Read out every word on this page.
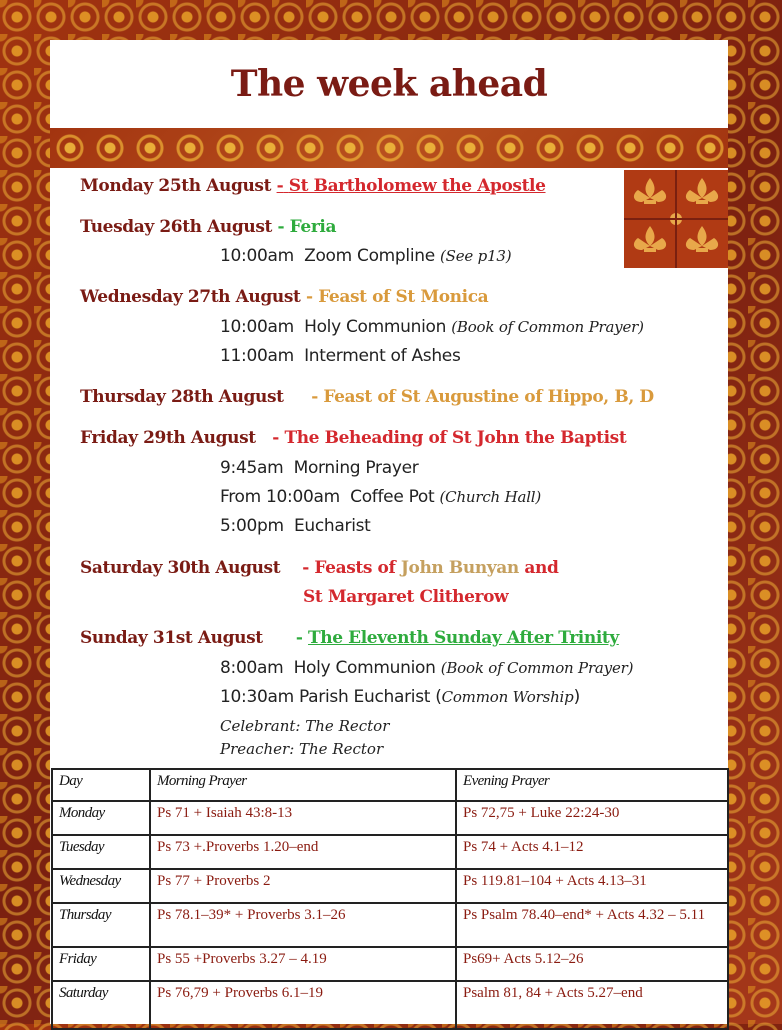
The week ahead
Monday 25th August - St Bartholomew the Apostle
Tuesday 26th August - Feria
10:00am Zoom Compline (See p13)
Wednesday 27th August - Feast of St Monica
10:00am Holy Communion (Book of Common Prayer)
11:00am Interment of Ashes
Thursday 28th August     - Feast of St Augustine of Hippo, B, D
Friday 29th August   - The Beheading of St John the Baptist
9:45am Morning Prayer
From 10:00am Coffee Pot (Church Hall)
5:00pm Eucharist
Saturday 30th August - Feasts of John Bunyan and
St Margaret Clitherow
Sunday 31st August - The Eleventh Sunday After Trinity
8:00am Holy Communion (Book of Common Prayer)
10:30am Parish Eucharist (Common Worship)
Celebrant: The Rector
Preacher: The Rector
Day	Morning Prayer	Evening Prayer
Monday	Ps 71 + Isaiah 43:8-13	Ps 72,75 + Luke 22:24-30
Tuesday	Ps 73 +.Proverbs 1.20–end	Ps 74 + Acts 4.1–12
Wednesday	Ps 77 + Proverbs 2	Ps 119.81–104 + Acts 4.13–31
Thursday	Ps 78.1–39* + Proverbs 3.1–26	Ps Psalm 78.40–end* + Acts 4.32 – 5.11
Friday	Ps 55 +Proverbs 3.27 – 4.19	Ps69+ Acts 5.12–26
Saturday	Ps 76,79 + Proverbs 6.1–19	Psalm 81, 84 + Acts 5.27–end
